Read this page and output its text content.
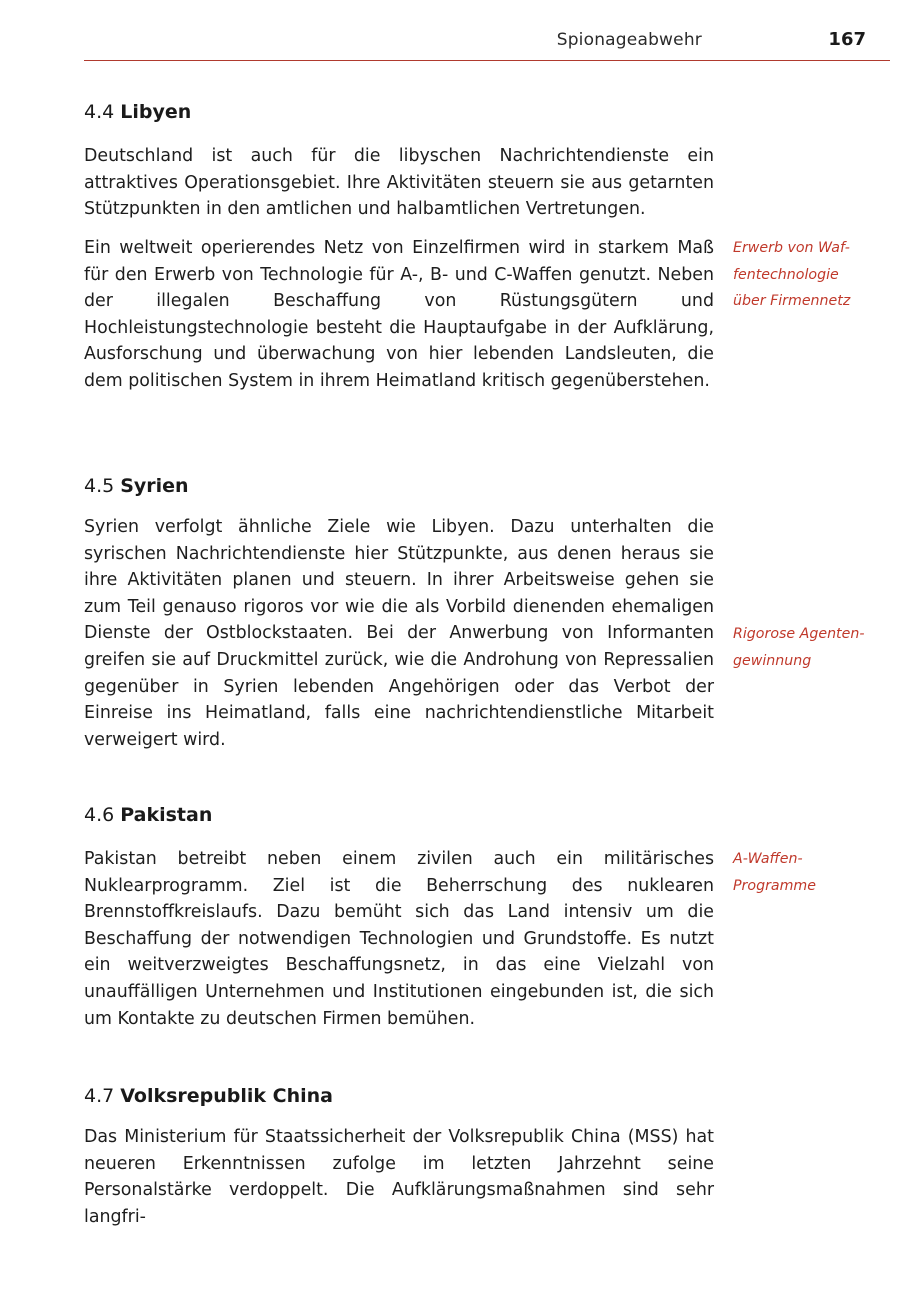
Spionageabwehr	167
4.4 Libyen

Deutschland ist auch für die libyschen Nachrichtendienste ein attraktives Operationsgebiet. Ihre Aktivitäten steuern sie aus getarnten Stützpunkten in den amtlichen und halbamtlichen Vertretungen.

Ein weltweit operierendes Netz von Einzelfirmen wird in starkem Maß für den Erwerb von Technologie für A-, B- und C-Waffen genutzt. Neben der illegalen Beschaffung von Rüstungsgütern und Hochleistungstechnologie besteht die Hauptaufgabe in der Aufklärung, Ausforschung und überwachung von hier lebenden Landsleuten, die dem politischen System in ihrem Heimatland kritisch gegenüberstehen.

Erwerb von Waf-
fentechnologie
über Firmennetz
4.5 Syrien

Syrien verfolgt ähnliche Ziele wie Libyen. Dazu unterhalten die syrischen Nachrichtendienste hier Stützpunkte, aus denen heraus sie ihre Aktivitäten planen und steuern. In ihrer Arbeitsweise gehen sie zum Teil genauso rigoros vor wie die als Vorbild dienenden ehemaligen Dienste der Ostblockstaaten. Bei der Anwerbung von Informanten greifen sie auf Druckmittel zurück, wie die Androhung von Repressalien gegenüber in Syrien lebenden Angehörigen oder das Verbot der Einreise ins Heimatland, falls eine nachrichtendienstliche Mitarbeit verweigert wird.

Rigorose Agenten-
gewinnung
4.6 Pakistan

Pakistan betreibt neben einem zivilen auch ein militärisches Nuklearprogramm. Ziel ist die Beherrschung des nuklearen Brennstoffkreislaufs. Dazu bemüht sich das Land intensiv um die Beschaffung der notwendigen Technologien und Grundstoffe. Es nutzt ein weitverzweigtes Beschaffungsnetz, in das eine Vielzahl von unauffälligen Unternehmen und Institutionen eingebunden ist, die sich um Kontakte zu deutschen Firmen bemühen.

A-Waffen-
Programme
4.7 Volksrepublik China

Das Ministerium für Staatssicherheit der Volksrepublik China (MSS) hat neueren Erkenntnissen zufolge im letzten Jahrzehnt seine Personalstärke verdoppelt. Die Aufklärungsmaßnahmen sind sehr langfri-
